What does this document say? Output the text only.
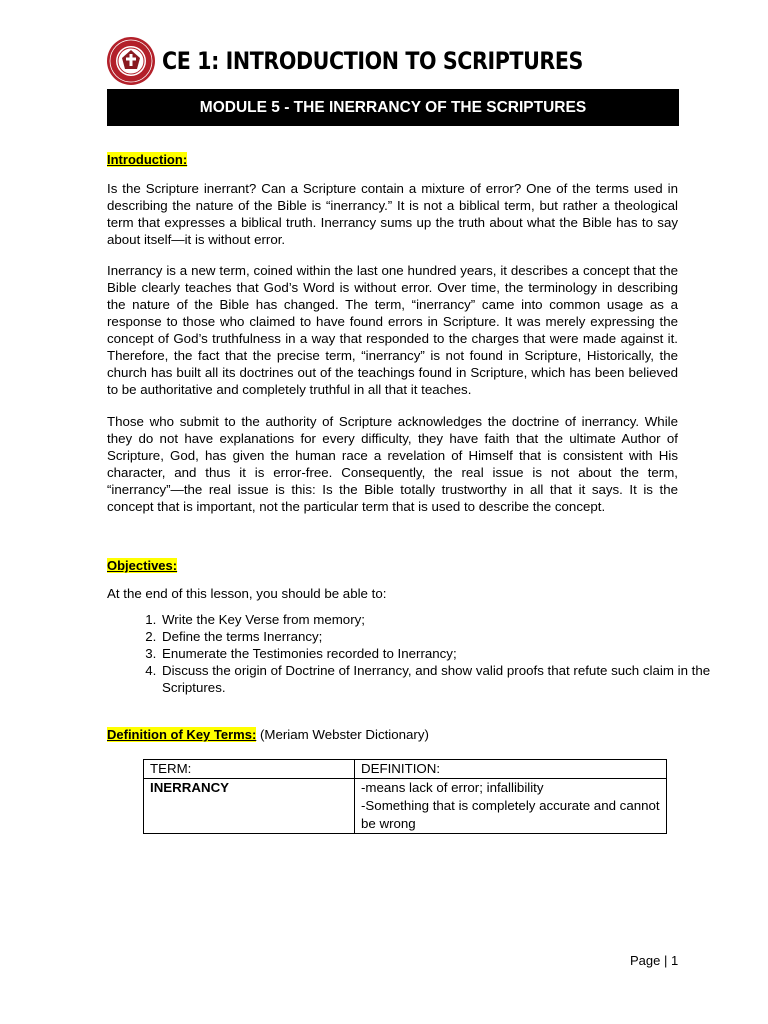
CE 1: INTRODUCTION TO SCRIPTURES
MODULE 5 - THE INERRANCY OF THE SCRIPTURES
Introduction:

Is the Scripture inerrant? Can a Scripture contain a mixture of error? One of the terms used in describing the nature of the Bible is “inerrancy.” It is not a biblical term, but rather a theological term that expresses a biblical truth. Inerrancy sums up the truth about what the Bible has to say about itself—it is without error.

Inerrancy is a new term, coined within the last one hundred years, it describes a concept that the Bible clearly teaches that God’s Word is without error. Over time, the terminology in describing the nature of the Bible has changed. The term, “inerrancy” came into common usage as a response to those who claimed to have found errors in Scripture. It was merely expressing the concept of God’s truthfulness in a way that responded to the charges that were made against it. Therefore, the fact that the precise term, “inerrancy” is not found in Scripture, Historically, the church has built all its doctrines out of the teachings found in Scripture, which has been believed to be authoritative and completely truthful in all that it teaches.

Those who submit to the authority of Scripture acknowledges the doctrine of inerrancy. While they do not have explanations for every difficulty, they have faith that the ultimate Author of Scripture, God, has given the human race a revelation of Himself that is consistent with His character, and thus it is error-free. Consequently, the real issue is not about the term, “inerrancy”—the real issue is this: Is the Bible totally trustworthy in all that it says. It is the concept that is important, not the particular term that is used to describe the concept.

Objectives:

At the end of this lesson, you should be able to:

1. Write the Key Verse from memory;
2. Define the terms Inerrancy;
3. Enumerate the Testimonies recorded to Inerrancy;
4. Discuss the origin of Doctrine of Inerrancy, and show valid proofs that refute such claim in the Scriptures.
Definition of Key Terms: (Meriam Webster Dictionary)
TERM:	DEFINITION:
INERRANCY	-means lack of error; infallibility
-Something that is completely accurate and cannot be wrong
Page | 1
